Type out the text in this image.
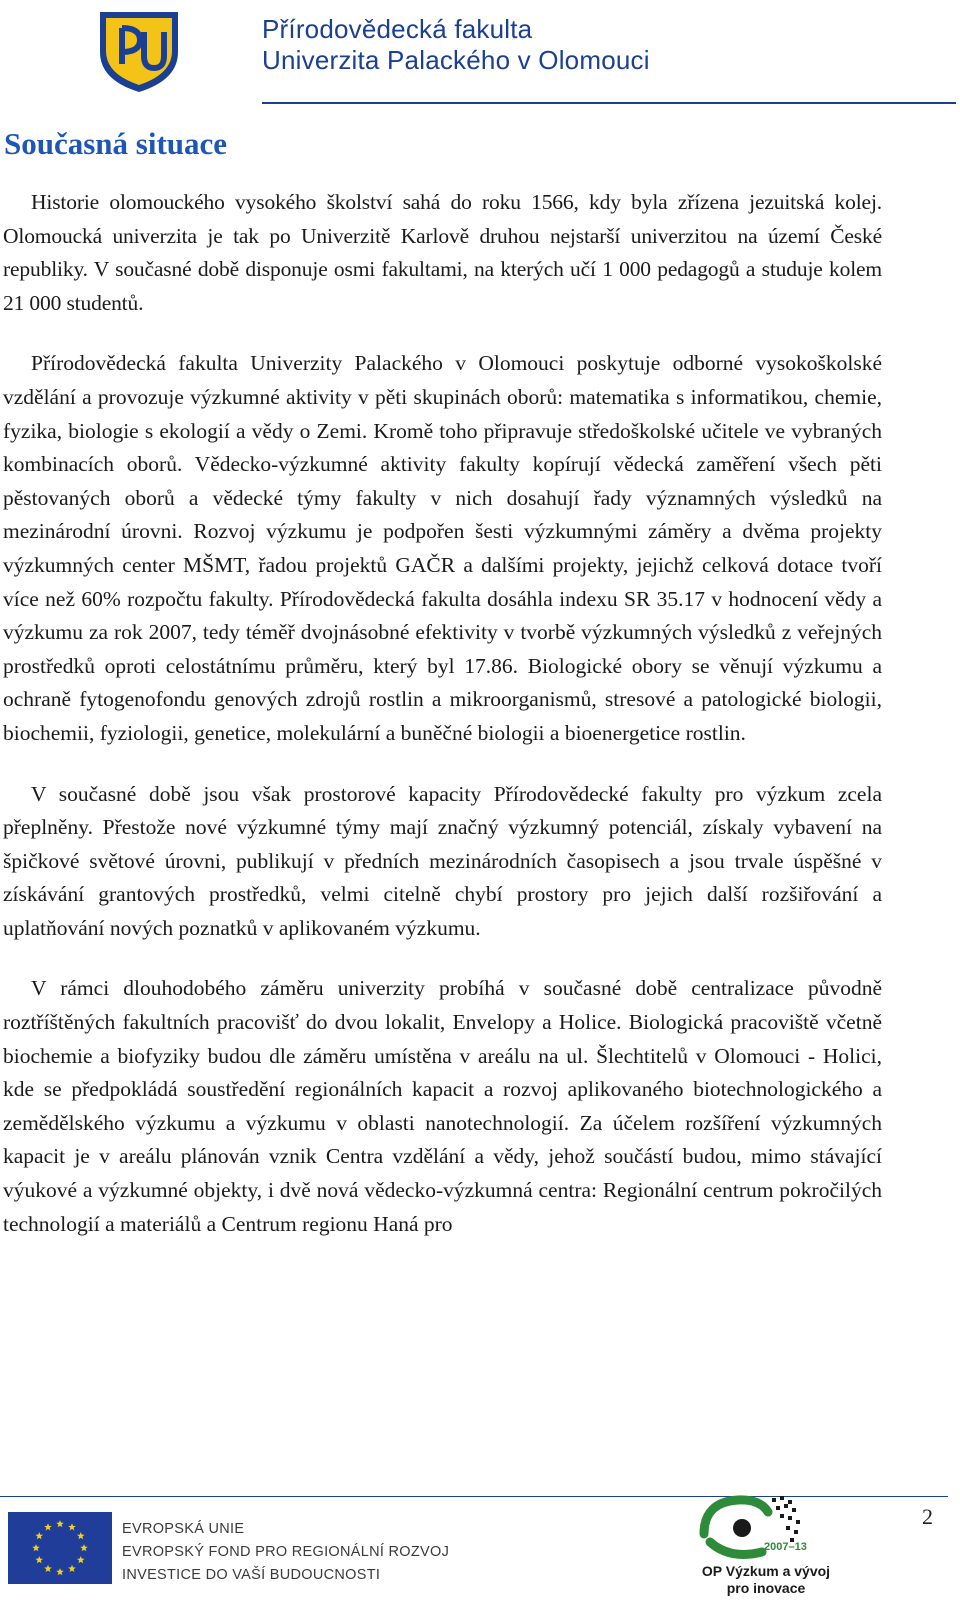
Přírodovědecká fakulta
Univerzita Palackého v Olomouci
Současná situace

Historie olomouckého vysokého školství sahá do roku 1566, kdy byla zřízena jezuitská kolej. Olomoucká univerzita je tak po Univerzitě Karlově druhou nejstarší univerzitou na území České republiky. V současné době disponuje osmi fakultami, na kterých učí 1 000 pedagogů a studuje kolem 21 000 studentů.

Přírodovědecká fakulta Univerzity Palackého v Olomouci poskytuje odborné vysokoškolské vzdělání a provozuje výzkumné aktivity v pěti skupinách oborů: matematika s informatikou, chemie, fyzika, biologie s ekologií a vědy o Zemi. Kromě toho připravuje středoškolské učitele ve vybraných kombinacích oborů. Vědecko-výzkumné aktivity fakulty kopírují vědecká zaměření všech pěti pěstovaných oborů a vědecké týmy fakulty v nich dosahují řady významných výsledků na mezinárodní úrovni. Rozvoj výzkumu je podpořen šesti výzkumnými záměry a dvěma projekty výzkumných center MŠMT, řadou projektů GAČR a dalšími projekty, jejichž celková dotace tvoří více než 60% rozpočtu fakulty. Přírodovědecká fakulta dosáhla indexu SR 35.17 v hodnocení vědy a výzkumu za rok 2007, tedy téměř dvojnásobné efektivity v tvorbě výzkumných výsledků z veřejných prostředků oproti celostátnímu průměru, který byl 17.86. Biologické obory se věnují výzkumu a ochraně fytogenofondu genových zdrojů rostlin a mikroorganismů, stresové a patologické biologii, biochemii, fyziologii, genetice, molekulární a buněčné biologii a bioenergetice rostlin.

V současné době jsou však prostorové kapacity Přírodovědecké fakulty pro výzkum zcela přeplněny. Přestože nové výzkumné týmy mají značný výzkumný potenciál, získaly vybavení na špičkové světové úrovni, publikují v předních mezinárodních časopisech a jsou trvale úspěšné v získávání grantových prostředků, velmi citelně chybí prostory pro jejich další rozšiřování a uplatňování nových poznatků v aplikovaném výzkumu.

V rámci dlouhodobého záměru univerzity probíhá v současné době centralizace původně roztříštěných fakultních pracovišť do dvou lokalit, Envelopy a Holice. Biologická pracoviště včetně biochemie a biofyziky budou dle záměru umístěna v areálu na ul. Šlechtitelů v Olomouci - Holici, kde se předpokládá soustředění regionálních kapacit a rozvoj aplikovaného biotechnologického a zemědělského výzkumu a výzkumu v oblasti nanotechnologií. Za účelem rozšíření výzkumných kapacit je v areálu plánován vznik Centra vzdělání a vědy, jehož součástí budou, mimo stávající výukové a výzkumné objekty, i dvě nová vědecko-výzkumná centra: Regionální centrum pokročilých technologií a materiálů a Centrum regionu Haná pro

2
EVROPSKÁ UNIE
EVROPSKÝ FOND PRO REGIONÁLNÍ ROZVOJ
INVESTICE DO VAŠÍ BUDOUCNOSTI
2007–13
OP Výzkum a vývoj
pro inovace
